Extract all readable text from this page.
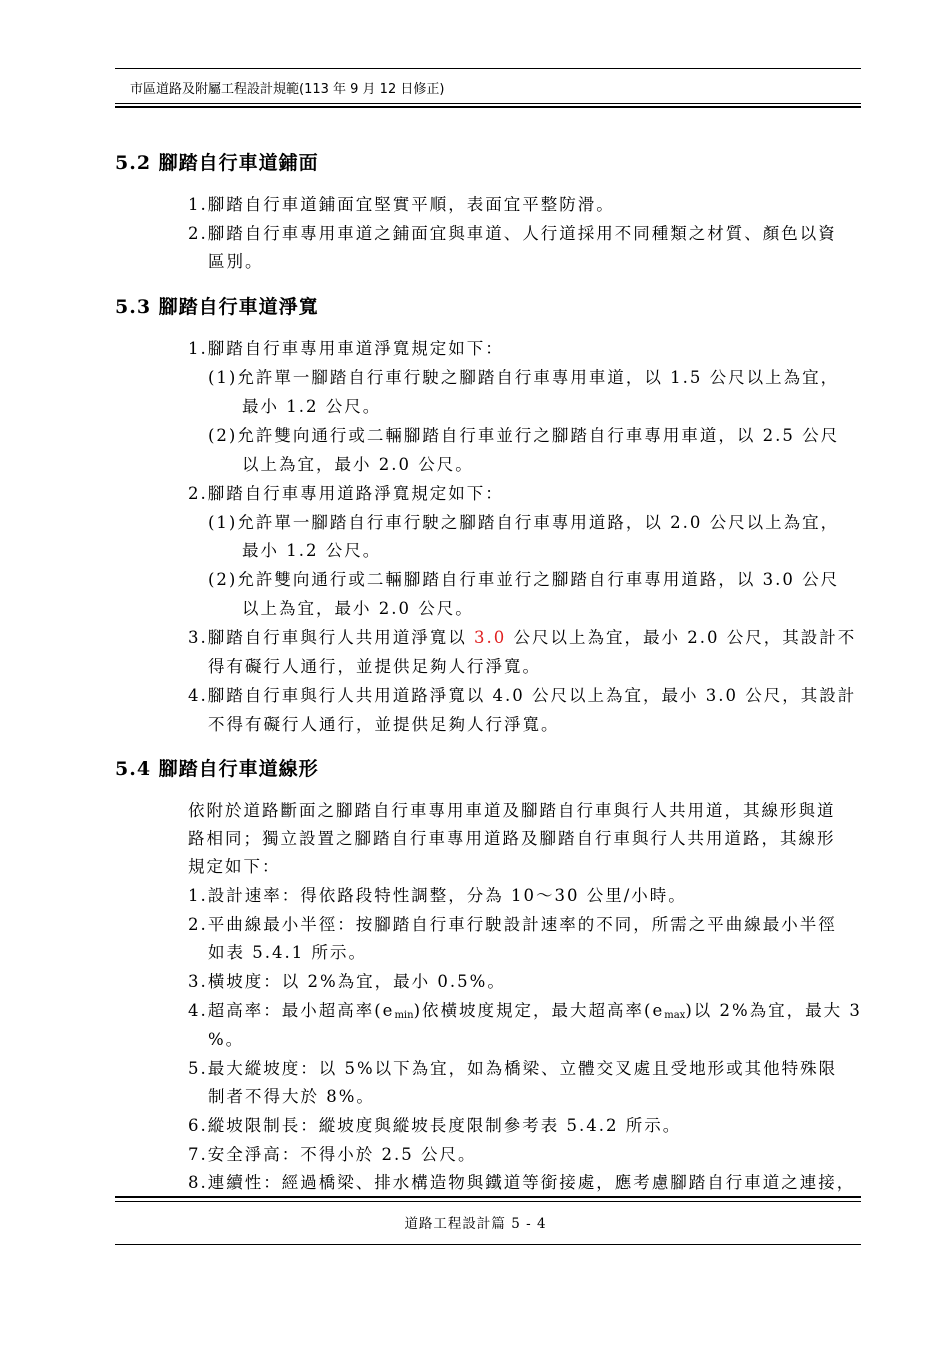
市區道路及附屬工程設計規範(113 年 9 月 12 日修正)
5.2 腳踏自行車道鋪面
1.腳踏自行車道鋪面宜堅實平順，表面宜平整防滑。
2.腳踏自行車專用車道之鋪面宜與車道、人行道採用不同種類之材質、顏色以資
區別。
5.3 腳踏自行車道淨寬
1.腳踏自行車專用車道淨寬規定如下：
(1)允許單一腳踏自行車行駛之腳踏自行車專用車道，以 1.5 公尺以上為宜，
最小 1.2 公尺。
(2)允許雙向通行或二輛腳踏自行車並行之腳踏自行車專用車道，以 2.5 公尺
以上為宜，最小 2.0 公尺。
2.腳踏自行車專用道路淨寬規定如下：
(1)允許單一腳踏自行車行駛之腳踏自行車專用道路，以 2.0 公尺以上為宜，
最小 1.2 公尺。
(2)允許雙向通行或二輛腳踏自行車並行之腳踏自行車專用道路，以 3.0 公尺
以上為宜，最小 2.0 公尺。
3.腳踏自行車與行人共用道淨寬以 3.0 公尺以上為宜，最小 2.0 公尺，其設計不
得有礙行人通行，並提供足夠人行淨寬。
4.腳踏自行車與行人共用道路淨寬以 4.0 公尺以上為宜，最小 3.0 公尺，其設計
不得有礙行人通行，並提供足夠人行淨寬。
5.4 腳踏自行車道線形
依附於道路斷面之腳踏自行車專用車道及腳踏自行車與行人共用道，其線形與道
路相同；獨立設置之腳踏自行車專用道路及腳踏自行車與行人共用道路，其線形
規定如下：
1.設計速率：得依路段特性調整，分為 10～30 公里/小時。
2.平曲線最小半徑：按腳踏自行車行駛設計速率的不同，所需之平曲線最小半徑
如表 5.4.1 所示。
3.橫坡度：以 2%為宜，最小 0.5%。
4.超高率：最小超高率$(e_{min})$依橫坡度規定，最大超高率$(e_{max})$以 2%為宜，最大 3
%。
5.最大縱坡度：以 5%以下為宜，如為橋梁、立體交叉處且受地形或其他特殊限
制者不得大於 8%。
6.縱坡限制長：縱坡度與縱坡長度限制參考表 5.4.2 所示。
7.安全淨高：不得小於 2.5 公尺。
8.連續性：經過橋梁、排水構造物與鐵道等銜接處，應考慮腳踏自行車道之連接，
道路工程設計篇 5 - 4
